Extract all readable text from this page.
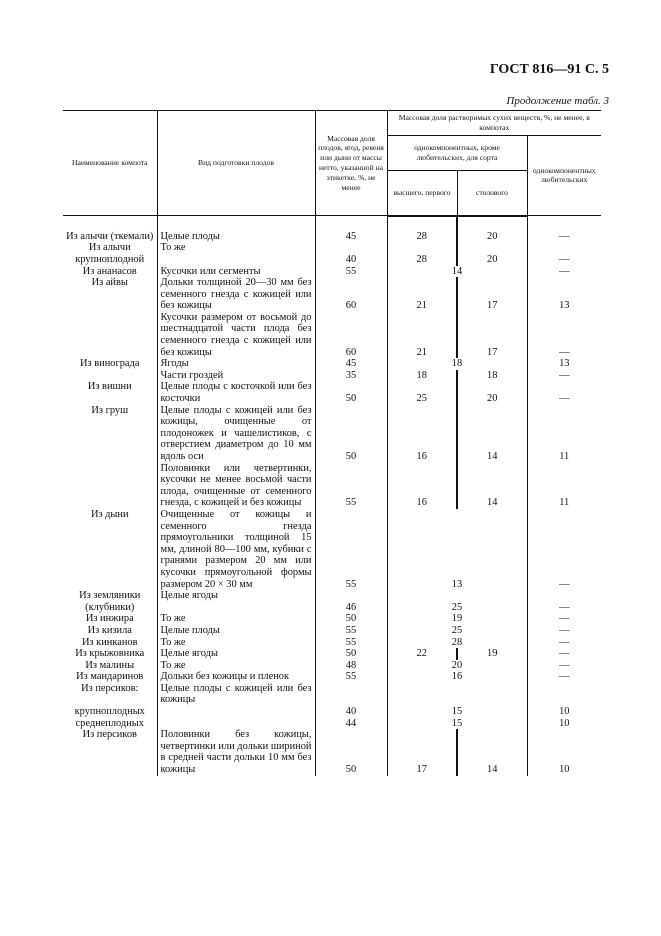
ГОСТ 816—91 С. 5
Продолжение табл. 3
Наименование компота	Вид подготовки плодов	Массовая доля плодов, ягод, ревеня или дыни от массы нетто, указанной на этикетке, %, не менее	Массовая доля растворимых сухих веществ, %, не менее, в компотах		
			однокомпонентных, кроме любительских, для сорта		однокомпонентных любительских
			высшего, первого	столового	

Из алычи (ткемали)	Целые плоды	45	28	20	—
Из алычи крупноплодной	То же	40	28	20	—
Из ананасов	Кусочки или сегменты	55	14		—
Из айвы	Дольки толщиной 20—30 мм без семенного гнезда с кожицей или без кожицы	60	21	17	13
	Кусочки размером от восьмой до шестнадцатой части плода без семенного гнезда с кожицей или без кожицы	60	21	17	—
Из винограда	Ягоды	45	18		13
	Части гроздей	35	18	18	—
Из вишни	Целые плоды с косточкой или без косточки	50	25	20	—
Из груш	Целые плоды с кожицей или без кожицы, очищенные от плодоножек и чашелистиков, с отверстием диаметром до 10 мм вдоль оси	50	16	14	11
	Половинки или четвертинки, кусочки не менее восьмой части плода, очищенные от семенного гнезда, с кожицей и без кожицы	55	16	14	11
Из дыни	Очищенные от кожицы и семенного гнезда прямоугольники толщиной 15 мм, длиной 80—100 мм, кубики с гранями размером 20 мм или кусочки прямоугольной формы размером 20 × 30 мм	55	13		—
Из земляники (клубники)	Целые ягоды	46	25		—
Из инжира	То же	50	19		—
Из кизила	Целые плоды	55	25		—
Из кинканов	То же	55	28		—
Из крыжовника	Целые ягоды	50	22	19	—
Из малины	То же	48	20		—
Из мандаринов	Дольки без кожицы и пленок	55	16		—
Из персиков:	Целые плоды с кожицей или без кожицы				
крупноплодных		40	15		10
среднеплодных		44	15		10
Из персиков	Половинки без кожицы, четвертинки или дольки шириной в средней части дольки 10 мм без кожицы	50	17	14	10
